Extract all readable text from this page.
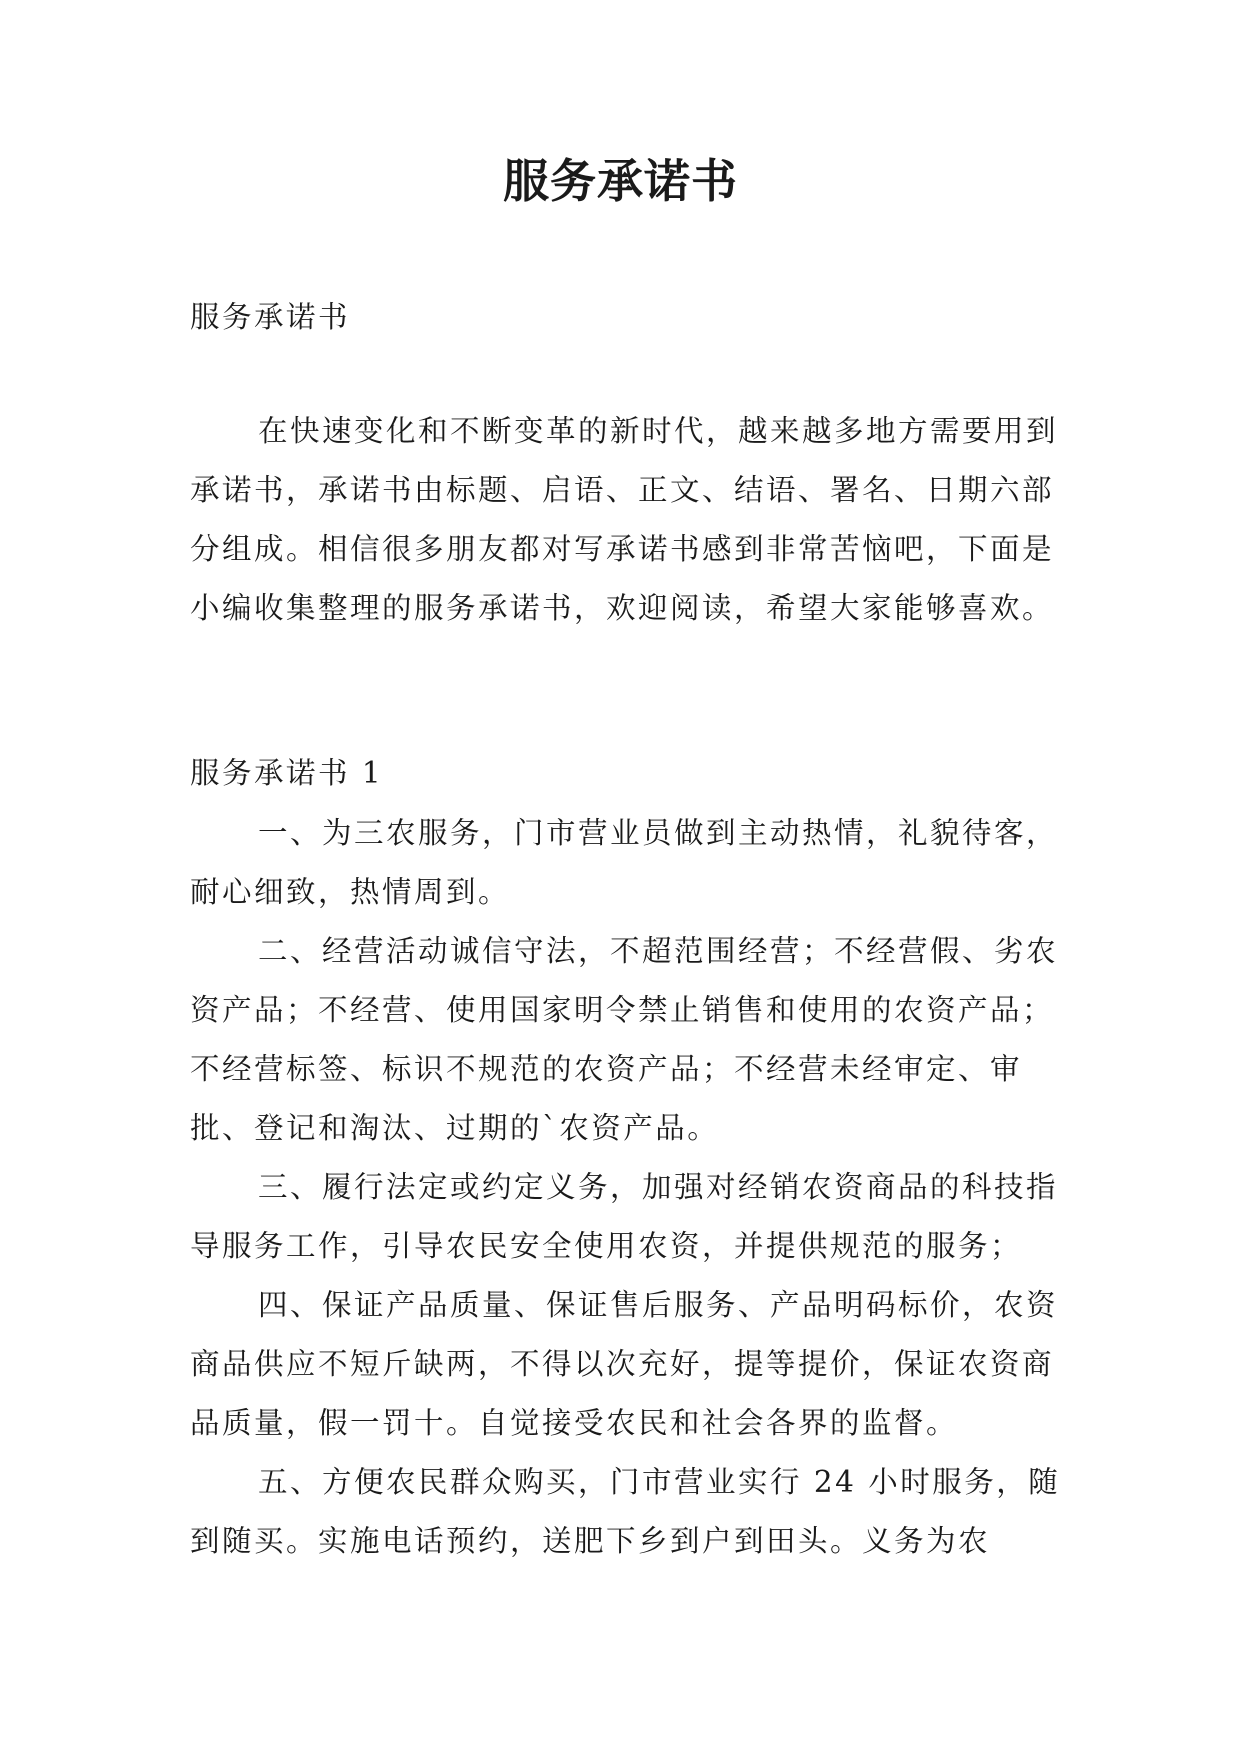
服务承诺书
服务承诺书
在快速变化和不断变革的新时代，越来越多地方需要用到承诺书，承诺书由标题、启语、正文、结语、署名、日期六部分组成。相信很多朋友都对写承诺书感到非常苦恼吧，下面是小编收集整理的服务承诺书，欢迎阅读，希望大家能够喜欢。
服务承诺书 1

一、为三农服务，门市营业员做到主动热情，礼貌待客，耐心细致，热情周到。

二、经营活动诚信守法，不超范围经营；不经营假、劣农资产品；不经营、使用国家明令禁止销售和使用的农资产品；不经营标签、标识不规范的农资产品；不经营未经审定、审批、登记和淘汰、过期的`农资产品。

三、履行法定或约定义务，加强对经销农资商品的科技指导服务工作，引导农民安全使用农资，并提供规范的服务；

四、保证产品质量、保证售后服务、产品明码标价，农资商品供应不短斤缺两，不得以次充好，提等提价，保证农资商品质量，假一罚十。自觉接受农民和社会各界的监督。

五、方便农民群众购买，门市营业实行 24 小时服务，随到随买。实施电话预约，送肥下乡到户到田头。义务为农
